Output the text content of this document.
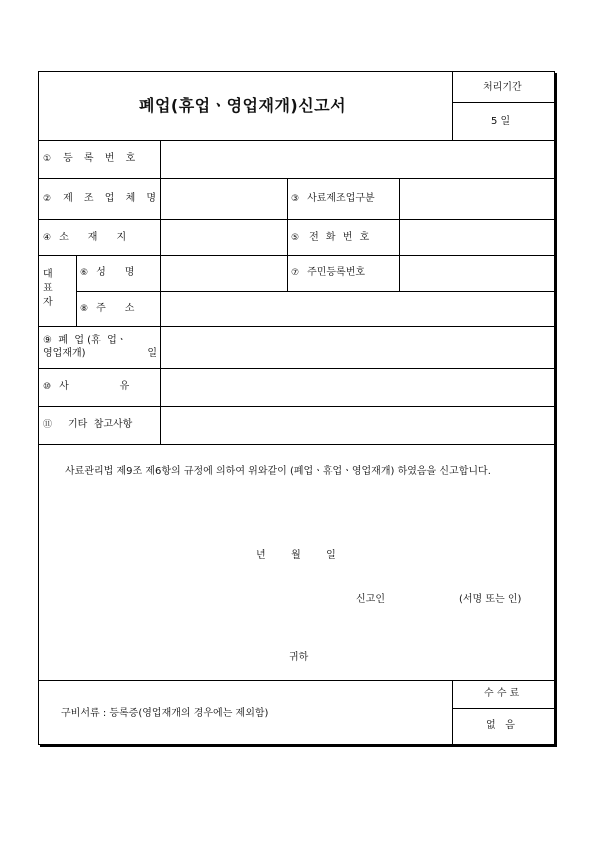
폐업(휴업ㆍ영업재개)신고서
처리기간
5 일
① 등 록 번 호
② 제 조 업 체 명	③ 사료제조업구분
④ 소      재      지	⑤ 전 화 번 호
대
표
자
⑥ 성      명	⑦ 주민등록번호
⑧ 주      소
⑨  폐  업 (휴  업ㆍ
영업재개)	일
⑩ 사                유
⑪ 기타  참고사항
사료관리법 제9조 제6항의 규정에 의하여 위와같이 (폐업ㆍ휴업ㆍ영업재개) 하였음을 신고합니다.
년        월        일
신고인	(서명 또는 인)
귀하
구비서류 : 등록증(영업재개의 경우에는 제외함)
수 수 료
없   음
